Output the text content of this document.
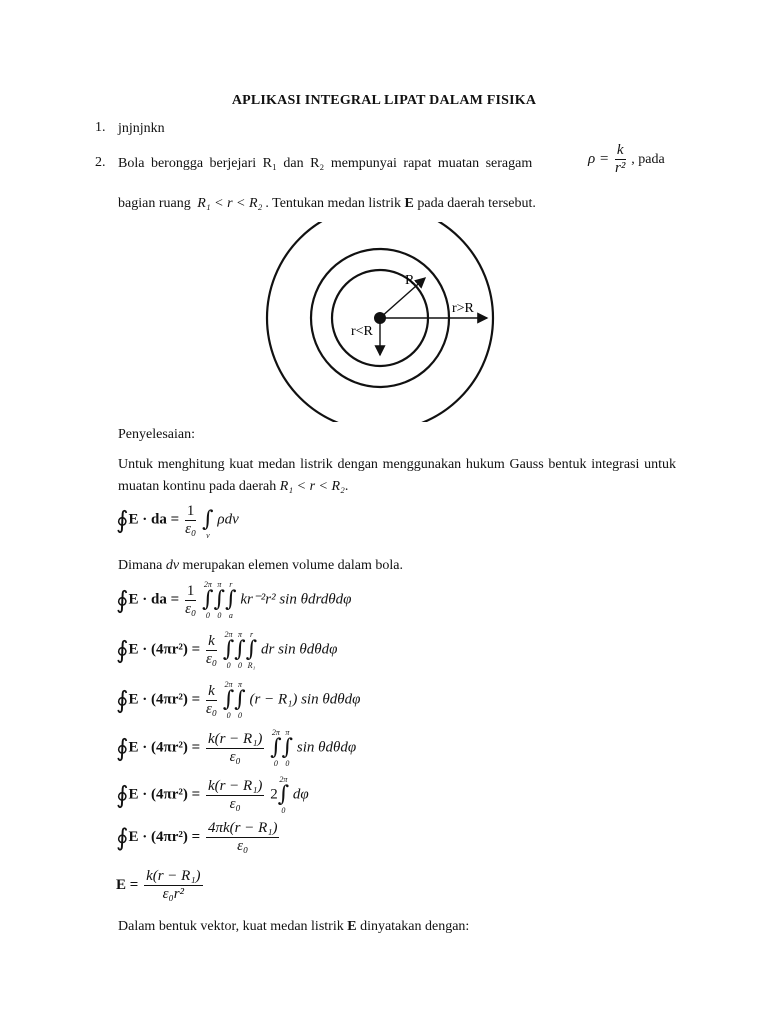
APLIKASI INTEGRAL LIPAT DALAM FISIKA
1. jnjnjnkn
2. Bola berongga berjejari R₁ dan R₂ mempunyai rapat muatan seragam	$\rho = \frac{k}{\text{r²}}$ , pada
bagian ruang R₁ < r < R₂ . Tentukan medan listrik E pada daerah tersebut.
R
r>R
r<R
Penyelesaian:
Untuk menghitung kuat medan listrik dengan menggunakan hukum Gauss bentuk integrasi untuk muatan kontinu pada daerah R₁ < r < R₂.
∮E · da = $\frac{1}{\text{ε₀}}$
∫
v
ρdv
Dimana dv merupakan elemen volume dalam bola.
∮E · da = $\frac{1}{\text{ε₀}}$
2π
∫
0
π
∫
0
r
∫
a
kr⁻²r² sin θdrdθdφ
∮E · $(4\pi r^2) = \frac{k}{\text{ε₀}}$
2π
∫
0
π
∫
0
r
∫
R₁
dr sin θdθdφ
∮E · $(4\pi r^2) = \frac{k}{\text{ε₀}}$
2π
∫
0
π
∫
0
(r − R₁) sin θdθdφ
∮E · $(4\pi r^2) = \frac{\text{k(r − R₁)}}{\text{ε₀}}$
2π
∫
0
π
∫
0
sin θdθdφ
∮E · $(4\pi r^2) = \frac{\text{k(r − R₁)}}{\text{ε₀}} 2$
2π
∫
0
dφ
∮E · $(4\pi r^2) = \frac{\text{4πk(r − R₁)}}{\text{ε₀}}$
$E = \frac{\text{k(r − R₁)}}{\text{ε₀r²}}$
Dalam bentuk vektor, kuat medan listrik E dinyatakan dengan:
